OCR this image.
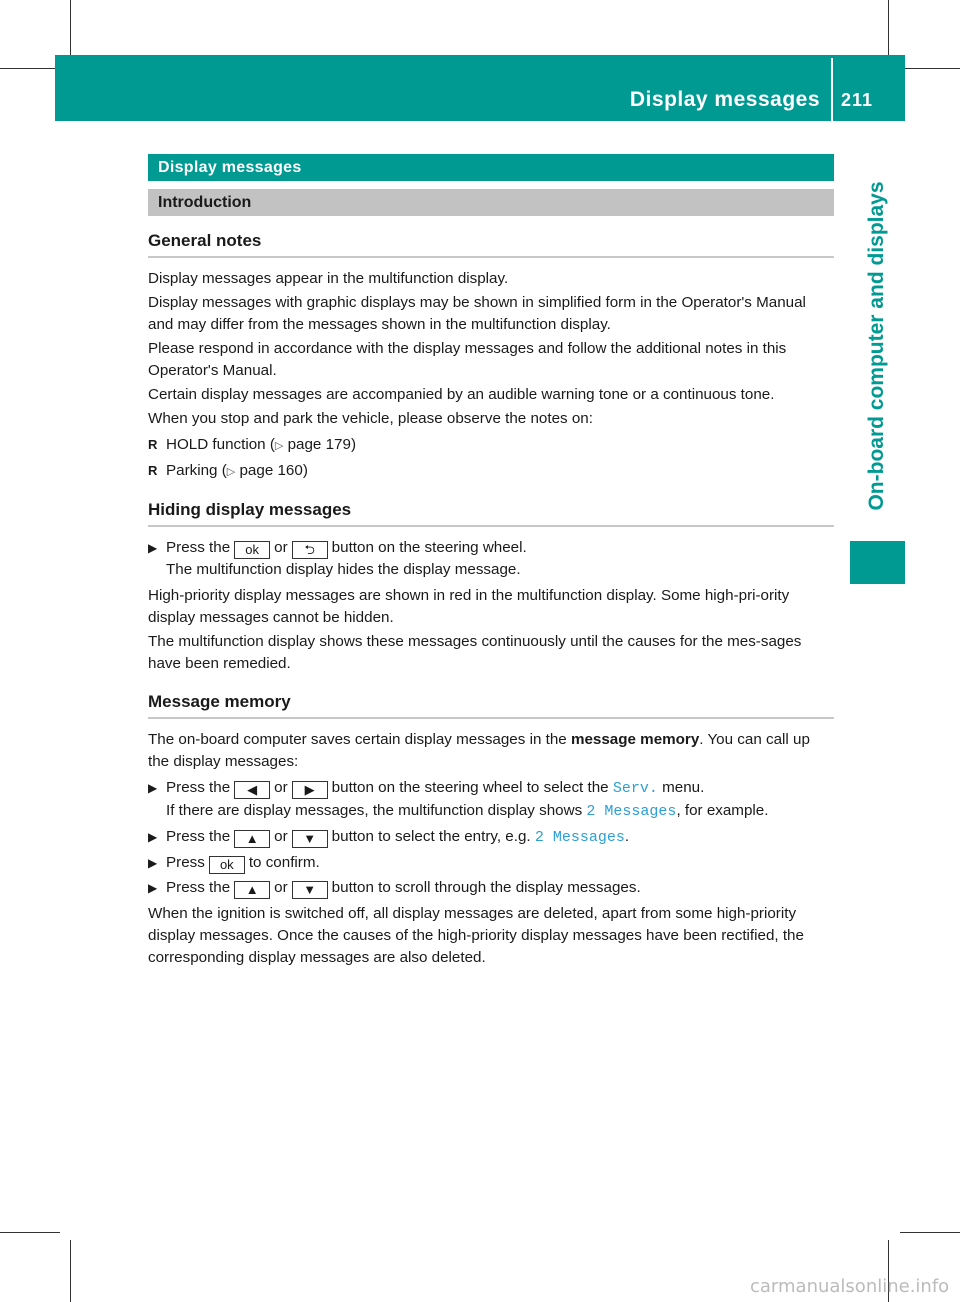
Display messages 211
On-board computer and displays
Display messages
Introduction
General notes

Display messages appear in the multifunction display.

Display messages with graphic displays may be shown in simplified form in the Operator's Manual and may differ from the messages shown in the multifunction display.

Please respond in accordance with the display messages and follow the additional notes in this Operator's Manual.

Certain display messages are accompanied by an audible warning tone or a continuous tone.

When you stop and park the vehicle, please observe the notes on:

R HOLD function (▷ page 179)
R Parking (▷ page 160)
Hiding display messages
▶ Press the ok or ⮌ button on the steering wheel.
The multifunction display hides the display message.

High-priority display messages are shown in red in the multifunction display. Some high-pri-ority display messages cannot be hidden.

The multifunction display shows these messages continuously until the causes for the mes-sages have been remedied.

Message memory

The on-board computer saves certain display messages in the message memory. You can call up the display messages:

▶ Press the ◀ or ▶ button on the steering wheel to select the Serv. menu.
If there are display messages, the multifunction display shows 2 Messages, for example.
▶ Press the ▲ or ▼ button to select the entry, e.g. 2 Messages.
▶ Press ok to confirm.
▶ Press the ▲ or ▼ button to scroll through the display messages.

When the ignition is switched off, all display messages are deleted, apart from some high-priority display messages. Once the causes of the high-priority display messages have been rectified, the corresponding display messages are also deleted.

carmanualsonline.info
